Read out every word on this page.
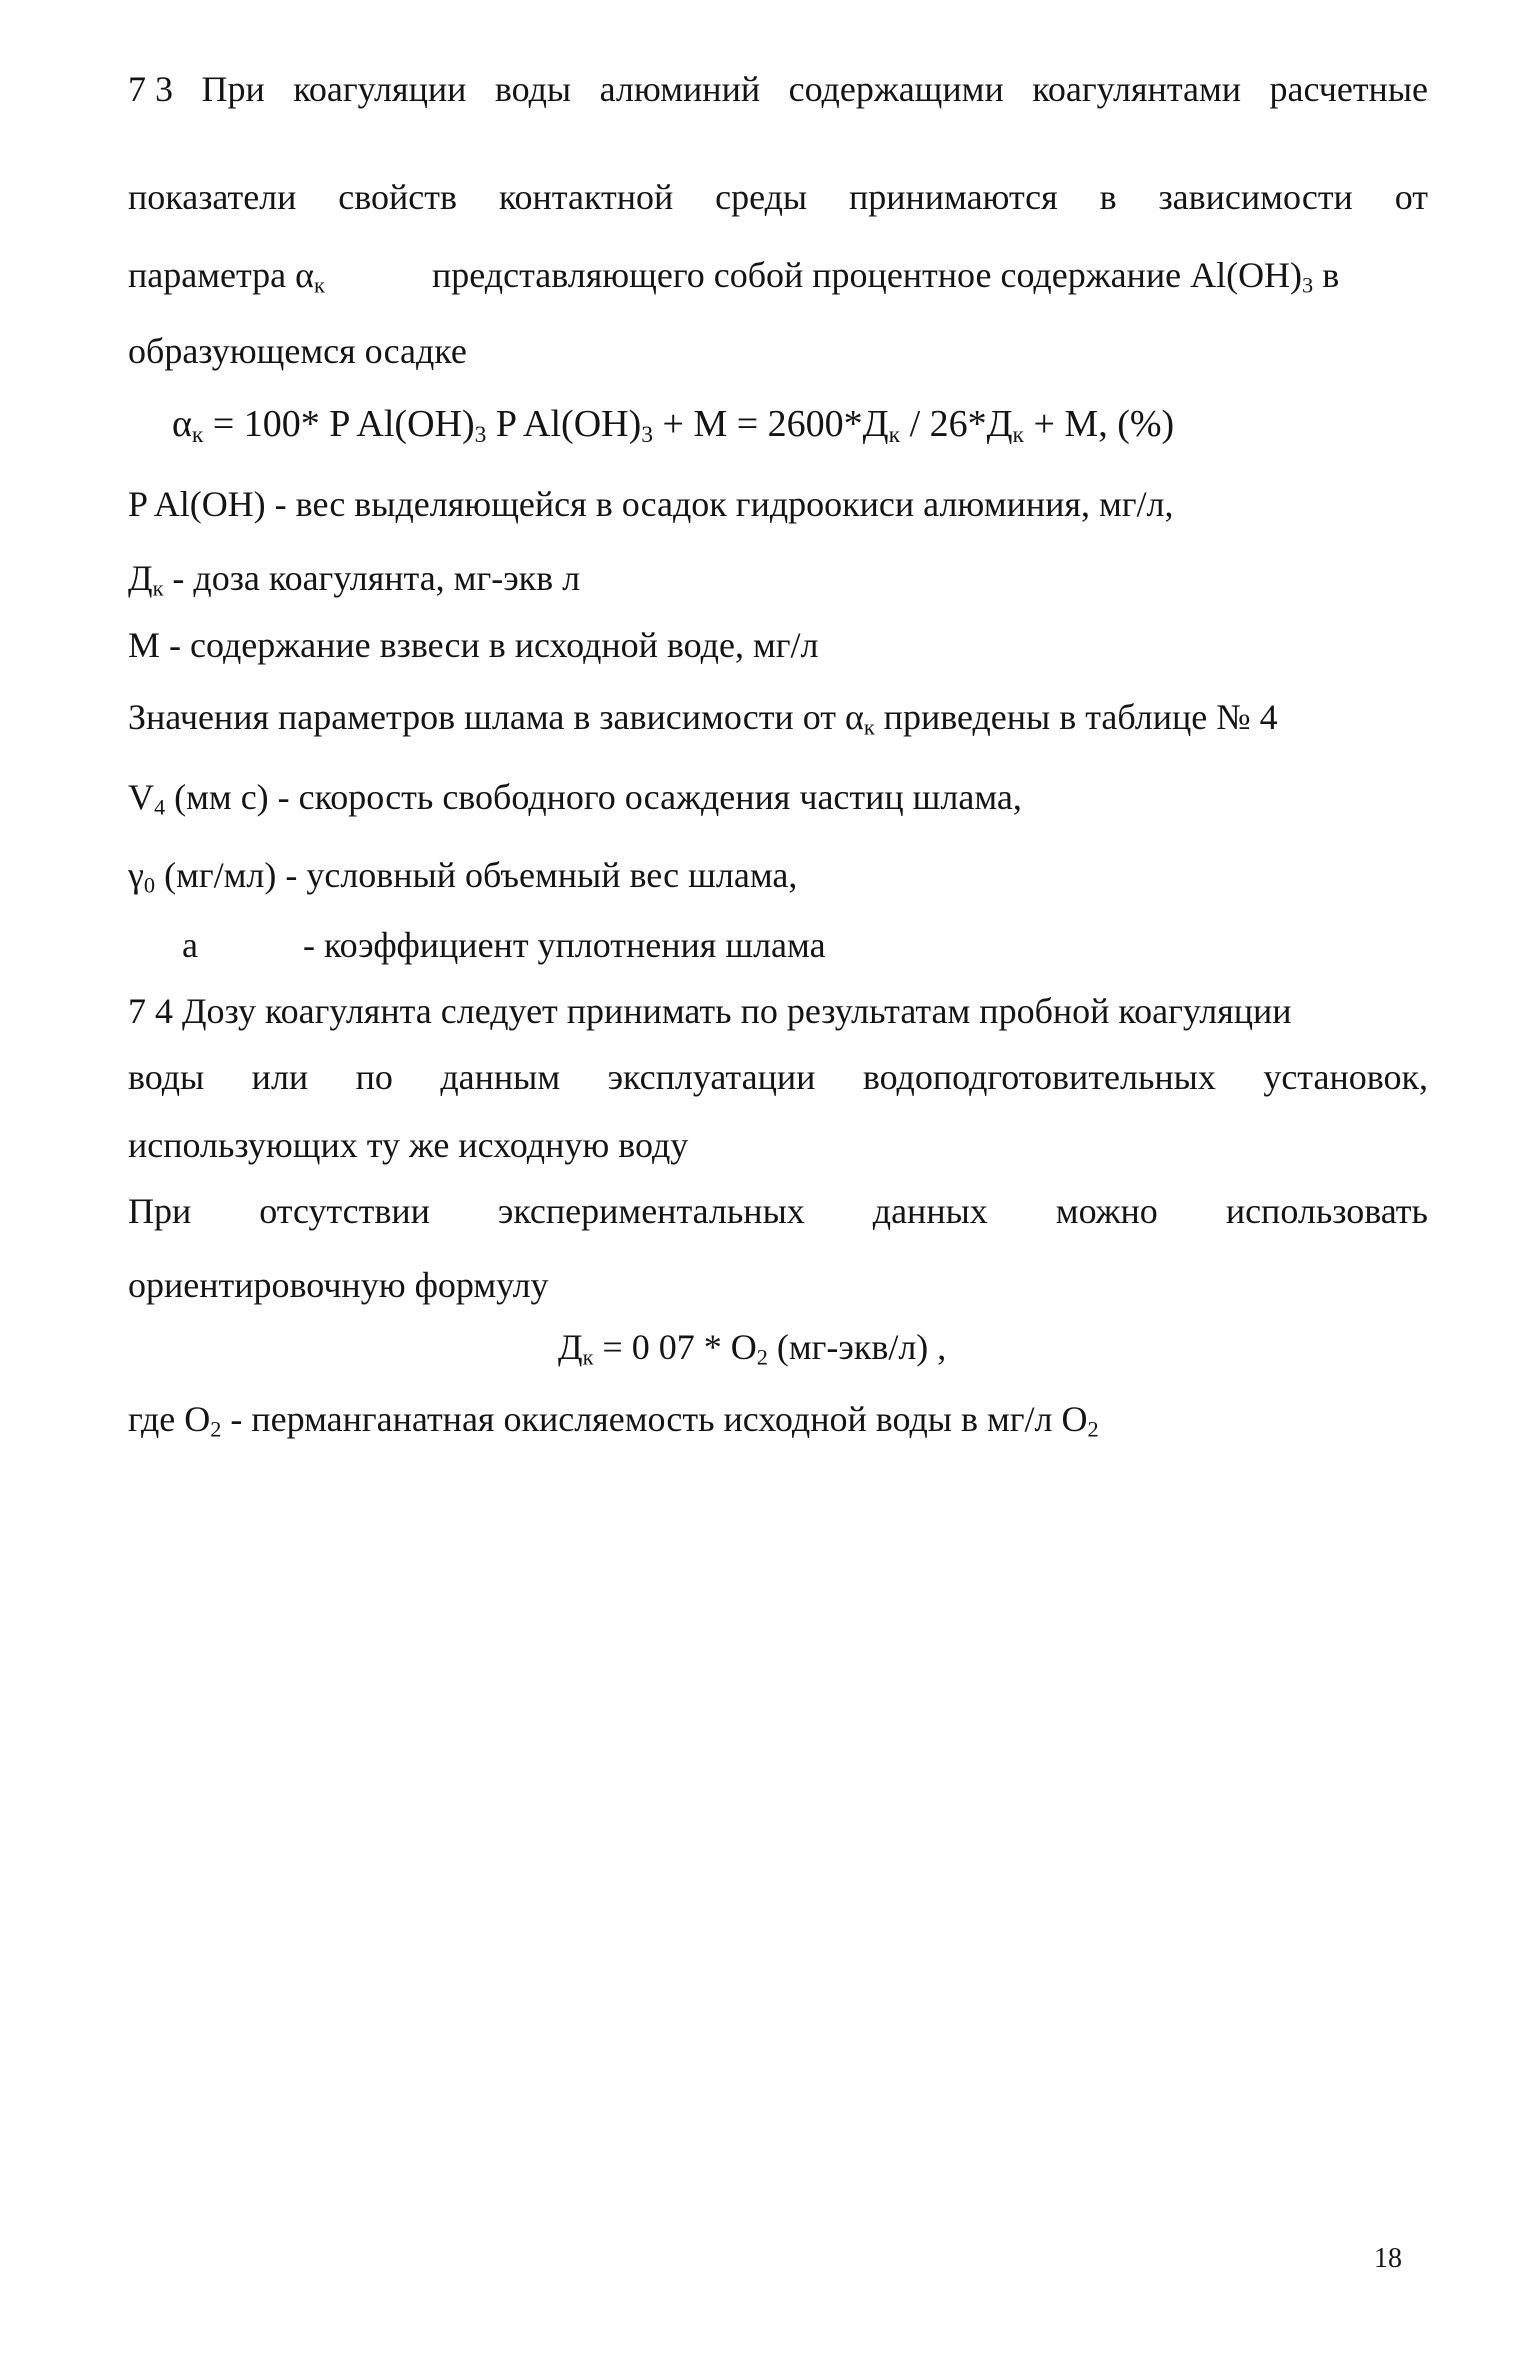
7 3 При коагуляции воды алюминий содержащими коагулянтами расчетные
показатели свойств контактной среды принимаются в зависимости от
параметра $\alpha_к$	представляющего собой процентное содержание $Al(OH)_3$ в
образующемся осадке
$\alpha_к = 100*$ P $Al(OH)_3$ P $Al(OH)_3 + M = 2600*Д_к / 26*Д_к + M$, (%)
P Al(OH) - вес выделяющейся в осадок гидроокиси алюминия, мг/л,
$Д_к$ - доза коагулянта, мг-экв л
M - содержание взвеси в исходной воде, мг/л
Значения параметров шлама в зависимости от $\alpha_к$ приведены в таблице № 4
$V_4$ (мм с) - скорость свободного осаждения частиц шлама,
$\gamma_0$ (мг/мл) - условный объемный вес шлама,
a	- коэффициент уплотнения шлама
7 4 Дозу коагулянта следует принимать по результатам пробной коагуляции
воды или по данным эксплуатации водоподготовительных установок,
использующих ту же исходную воду
При отсутствии экспериментальных данных можно использовать
ориентировочную формулу
$Д_к = 0$ $07 * O_2$ (мг-экв/л) ,
где $O_2$ - перманганатная окисляемость исходной воды в мг/л $O_2$
18
